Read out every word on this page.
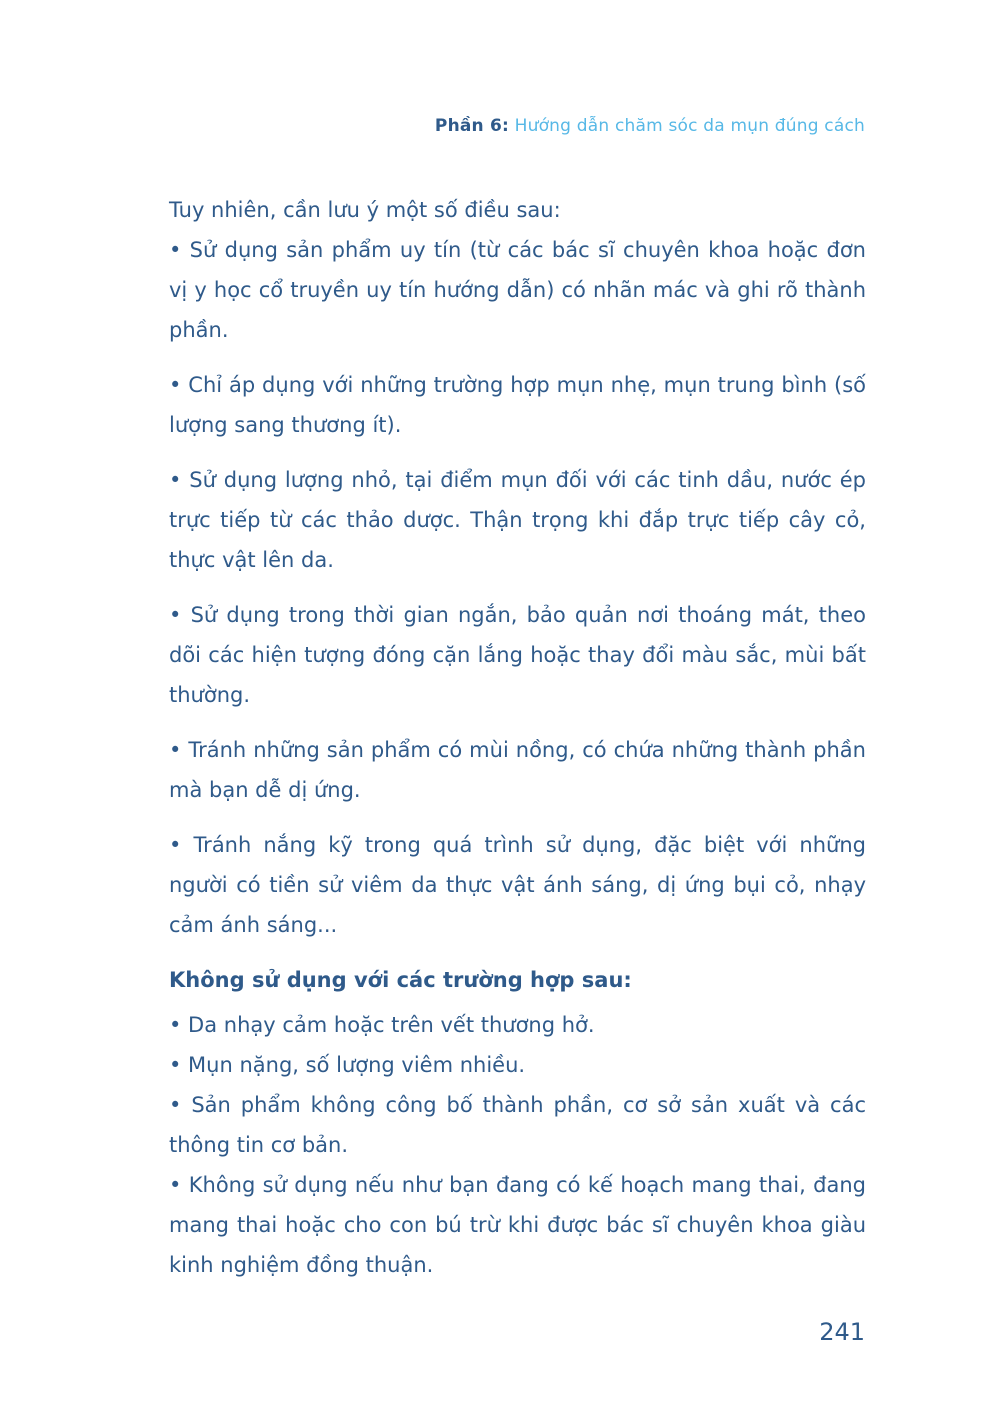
Phần 6: Hướng dẫn chăm sóc da mụn đúng cách

Tuy nhiên, cần lưu ý một số điều sau:

• Sử dụng sản phẩm uy tín (từ các bác sĩ chuyên khoa hoặc đơn vị y học cổ truyền uy tín hướng dẫn) có nhãn mác và ghi rõ thành phần.

• Chỉ áp dụng với những trường hợp mụn nhẹ, mụn trung bình (số lượng sang thương ít).

• Sử dụng lượng nhỏ, tại điểm mụn đối với các tinh dầu, nước ép trực tiếp từ các thảo dược. Thận trọng khi đắp trực tiếp cây cỏ, thực vật lên da.

• Sử dụng trong thời gian ngắn, bảo quản nơi thoáng mát, theo dõi các hiện tượng đóng cặn lắng hoặc thay đổi màu sắc, mùi bất thường.

• Tránh những sản phẩm có mùi nồng, có chứa những thành phần mà bạn dễ dị ứng.

• Tránh nắng kỹ trong quá trình sử dụng, đặc biệt với những người có tiền sử viêm da thực vật ánh sáng, dị ứng bụi cỏ, nhạy cảm ánh sáng...

Không sử dụng với các trường hợp sau:

• Da nhạy cảm hoặc trên vết thương hở.

• Mụn nặng, số lượng viêm nhiều.

• Sản phẩm không công bố thành phần, cơ sở sản xuất và các thông tin cơ bản.

• Không sử dụng nếu như bạn đang có kế hoạch mang thai, đang mang thai hoặc cho con bú trừ khi được bác sĩ chuyên khoa giàu kinh nghiệm đồng thuận.

241
